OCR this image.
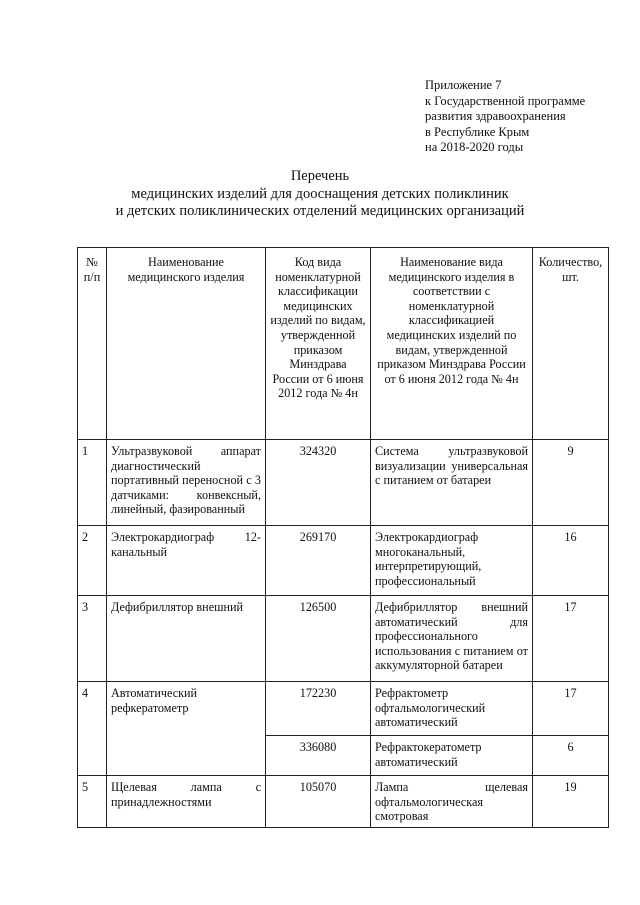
Приложение 7
к Государственной программе
развития здравоохранения
в Республике Крым
на 2018-2020 годы
Перечень
медицинских изделий для дооснащения детских поликлиник
и детских поликлинических отделений медицинских организаций
№ п/п	Наименование медицинского изделия	Код вида номенклатурной классификации медицинских изделий по видам, утвержденной приказом Минздрава России от 6 июня 2012 года № 4н	Наименование вида медицинского изделия в соответствии с номенклатурной классификацией медицинских изделий по видам, утвержденной приказом Минздрава России от 6 июня 2012 года № 4н	Количество, шт.
1	Ультразвуковой аппарат диагностический портативный переносной с 3 датчиками: конвексный, линейный, фазированный	324320	Система ультразвуковой визуализации универсальная с питанием от батареи	9
2	Электрокардиограф 12-канальный	269170	Электрокардиограф многоканальный, интерпретирующий, профессиональный	16
3	Дефибриллятор внешний	126500	Дефибриллятор внешний автоматический для профессионального использования с питанием от аккумуляторной батареи	17
4	Автоматический рефкератометр	172230	Рефрактометр офтальмологический автоматический	17
		336080	Рефрактокератометр автоматический	6
5	Щелевая лампа с принадлежностями	105070	Лампа щелевая офтальмологическая смотровая	19
